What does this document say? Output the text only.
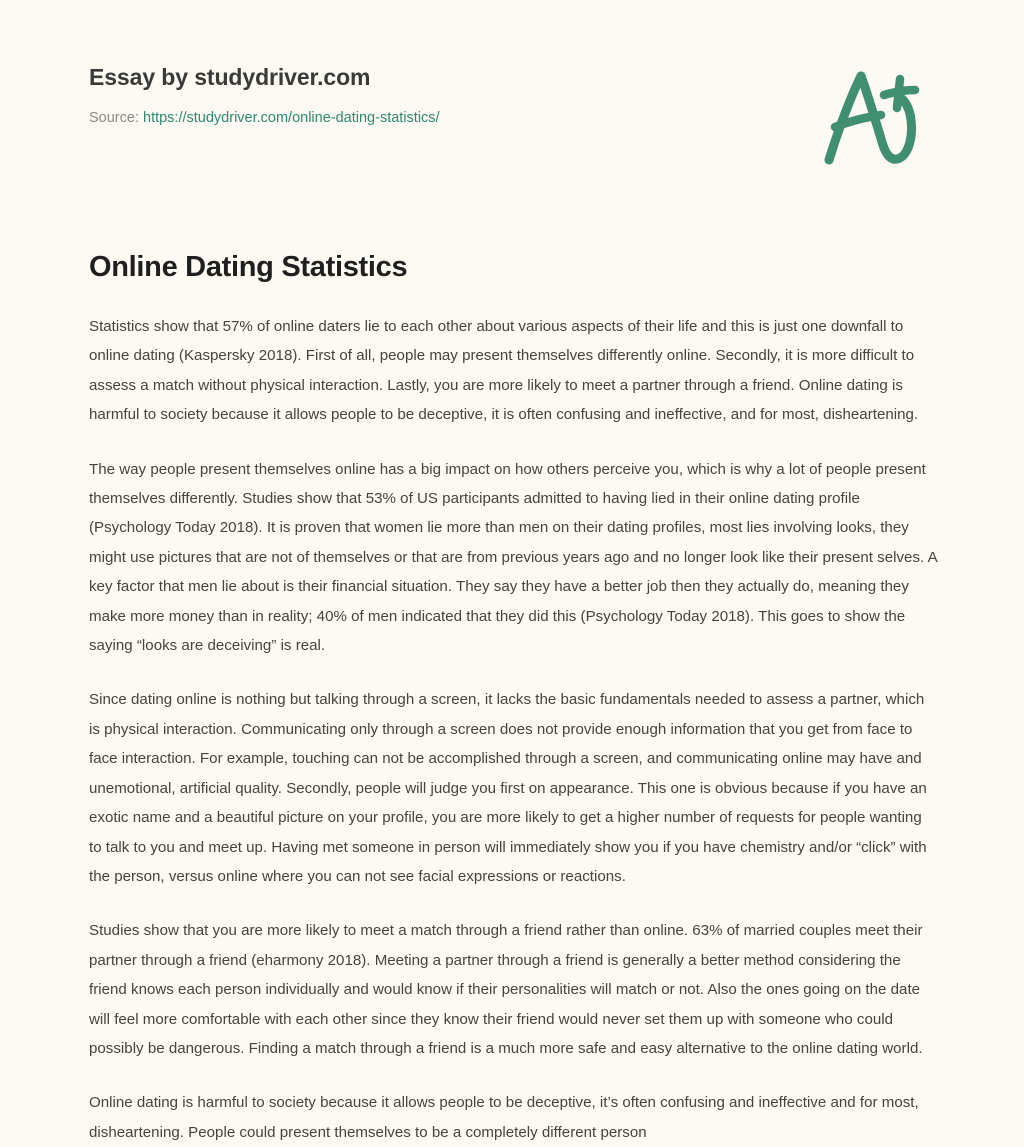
Essay by studydriver.com
Source: https://studydriver.com/online-dating-statistics/
Online Dating Statistics

Statistics show that 57% of online daters lie to each other about various aspects of their life and this is just one downfall to online dating (Kaspersky 2018). First of all, people may present themselves differently online. Secondly, it is more difficult to assess a match without physical interaction. Lastly, you are more likely to meet a partner through a friend. Online dating is harmful to society because it allows people to be deceptive, it is often confusing and ineffective, and for most, disheartening.

The way people present themselves online has a big impact on how others perceive you, which is why a lot of people present themselves differently. Studies show that 53% of US participants admitted to having lied in their online dating profile (Psychology Today 2018). It is proven that women lie more than men on their dating profiles, most lies involving looks, they might use pictures that are not of themselves or that are from previous years ago and no longer look like their present selves. A key factor that men lie about is their financial situation. They say they have a better job then they actually do, meaning they make more money than in reality; 40% of men indicated that they did this (Psychology Today 2018). This goes to show the saying “looks are deceiving” is real.

Since dating online is nothing but talking through a screen, it lacks the basic fundamentals needed to assess a partner, which is physical interaction. Communicating only through a screen does not provide enough information that you get from face to face interaction. For example, touching can not be accomplished through a screen, and communicating online may have and unemotional, artificial quality. Secondly, people will judge you first on appearance. This one is obvious because if you have an exotic name and a beautiful picture on your profile, you are more likely to get a higher number of requests for people wanting to talk to you and meet up. Having met someone in person will immediately show you if you have chemistry and/or “click” with the person, versus online where you can not see facial expressions or reactions.

Studies show that you are more likely to meet a match through a friend rather than online. 63% of married couples meet their partner through a friend (eharmony 2018). Meeting a partner through a friend is generally a better method considering the friend knows each person individually and would know if their personalities will match or not. Also the ones going on the date will feel more comfortable with each other since they know their friend would never set them up with someone who could possibly be dangerous. Finding a match through a friend is a much more safe and easy alternative to the online dating world.

Online dating is harmful to society because it allows people to be deceptive, it’s often confusing and ineffective and for most, disheartening. People could present themselves to be a completely different person
